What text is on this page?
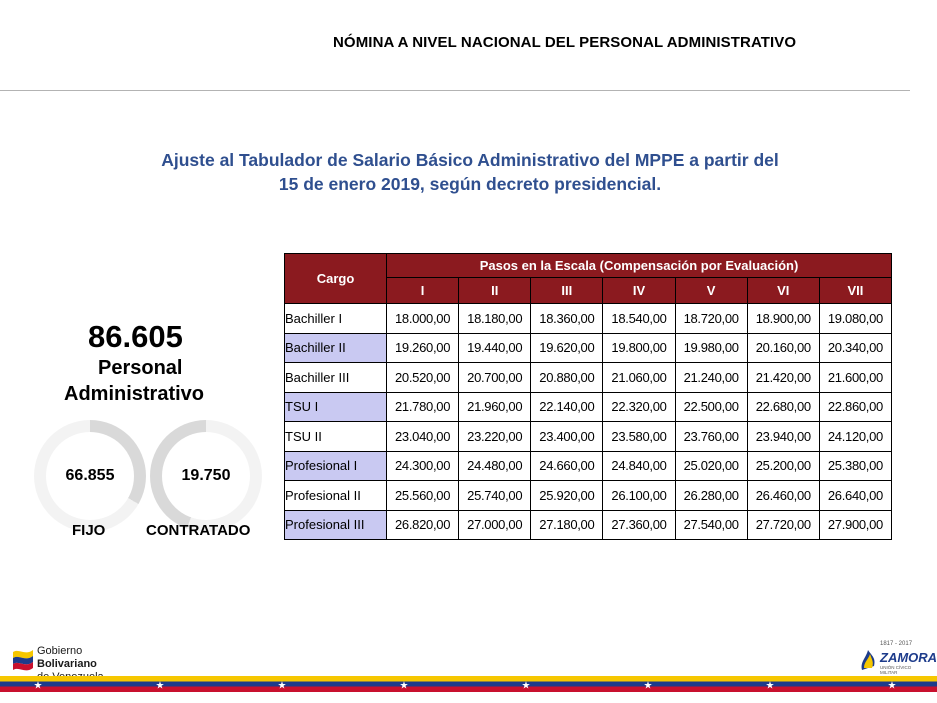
NÓMINA A NIVEL NACIONAL DEL PERSONAL ADMINISTRATIVO
Ajuste al Tabulador de Salario Básico Administrativo del MPPE a partir del
15 de enero 2019, según decreto presidencial.
86.605
Personal
Administrativo
66.855	19.750
FIJO	CONTRATADO
Cargo	Pasos en la Escala (Compensación por Evaluación)						
	I	II	III	IV	V	VI	VII
Bachiller I	18.000,00	18.180,00	18.360,00	18.540,00	18.720,00	18.900,00	19.080,00
Bachiller II	19.260,00	19.440,00	19.620,00	19.800,00	19.980,00	20.160,00	20.340,00
Bachiller III	20.520,00	20.700,00	20.880,00	21.060,00	21.240,00	21.420,00	21.600,00
TSU I	21.780,00	21.960,00	22.140,00	22.320,00	22.500,00	22.680,00	22.860,00
TSU II	23.040,00	23.220,00	23.400,00	23.580,00	23.760,00	23.940,00	24.120,00
Profesional I	24.300,00	24.480,00	24.660,00	24.840,00	25.020,00	25.200,00	25.380,00
Profesional II	25.560,00	25.740,00	25.920,00	26.100,00	26.280,00	26.460,00	26.640,00
Profesional III	26.820,00	27.000,00	27.180,00	27.360,00	27.540,00	27.720,00	27.900,00
Gobierno Bolivariano

1817 - 2017
ZAMORA
UNIÓN CÍVICO MILITAR
★	★	★	★	★	★	★	★
